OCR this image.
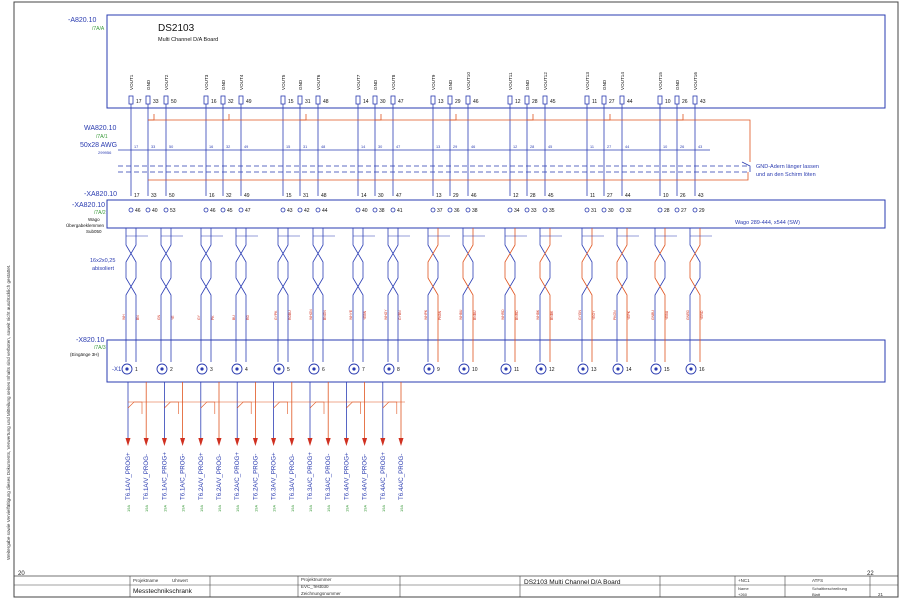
Weitergabe sowie Vervielfältigung dieses Dokuments, Verwertung und Mitteilung seines Inhalts sind verboten, soweit nicht ausdrücklich gestattet.
20	22
-A820.10
/7A/A	DS2103
Multi Channel D/A Board
WA820.10
/7A/1
50x28 AWG
299956
GND-Adern länger lassen
und an den Schirm löten
-XA820.10
-XA820.10
/7A/2
Wago
Übergabeklemmen
Sub050
Wago 289-444, x544 (SW)
16x2x0,25
abisoliert
-X820.10
/7A/3
(Eingänge 3H)
-X1
VOUT1
17
17
17
46
GND
33
33
33
40
VOUT2
50
50
50
53
VOUT3
16
16
16
46
GND
32
32
32
45
VOUT4
49
49
49
47
VOUT5
15
15
15
43
GND
31
31
31
42
VOUT6
48
48
48
44
VOUT7
14
14
14
40
GND
30
30
30
38
VOUT8
47
47
47
41
VOUT9
13
13
13
37
GND
29
29
29
36
VOUT10
46
46
46
38
VOUT11
12
12
12
34
GND
28
28
28
33
VOUT12
45
45
45
35
VOUT13
11
11
11
31
GND
27
27
27
30
VOUT14
44
44
44
32
VOUT15
10
10
10
28
GND
26
26
26
27
VOUT16
43
43
43
29
WH	BN
1
GN	YE
2
GY	PK
3
BU	RD
4
GYPK	RDBU
5
WHGN	BNGN
6
WHYE	YEBN
7
WHGY	GYBN
8
WHPK	PKBN
9
WHBU	BNBU
10
WHRD	BNRD
11
WHBK	BNBK
12
GYGN	YEGY
13
PKGN	YEPK
14
GNBU	YEBU
15
GNRD	YERD
16
19A
T6.1A/V_PROG+
19A
T6.1A/V_PROG-
19A
T6.1A/C_PROG+
19A
T6.1A/C_PROG-
19A
T6.2A/V_PROG+
19A
T6.2A/V_PROG-
19A
T6.2A/C_PROG+
19A
T6.2A/C_PROG-
19A
T6.3A/V_PROG+
19A
T6.3A/V_PROG-
19A
T6.3A/C_PROG+
19A
T6.3A/C_PROG-
19A
T6.4A/V_PROG+
19A
T6.4A/V_PROG-
19A
T6.4A/C_PROG+
19A
T6.4A/C_PROG-
Projektname	Uhrwert
Messtechnikschrank
Projektnummer
EVC_Test030
Zeichnungsnummer
DS2103 Multi Channel D/A Board	+NC1	ATFS
Name	Schaltbeschreibung
+260	Blatt	21
